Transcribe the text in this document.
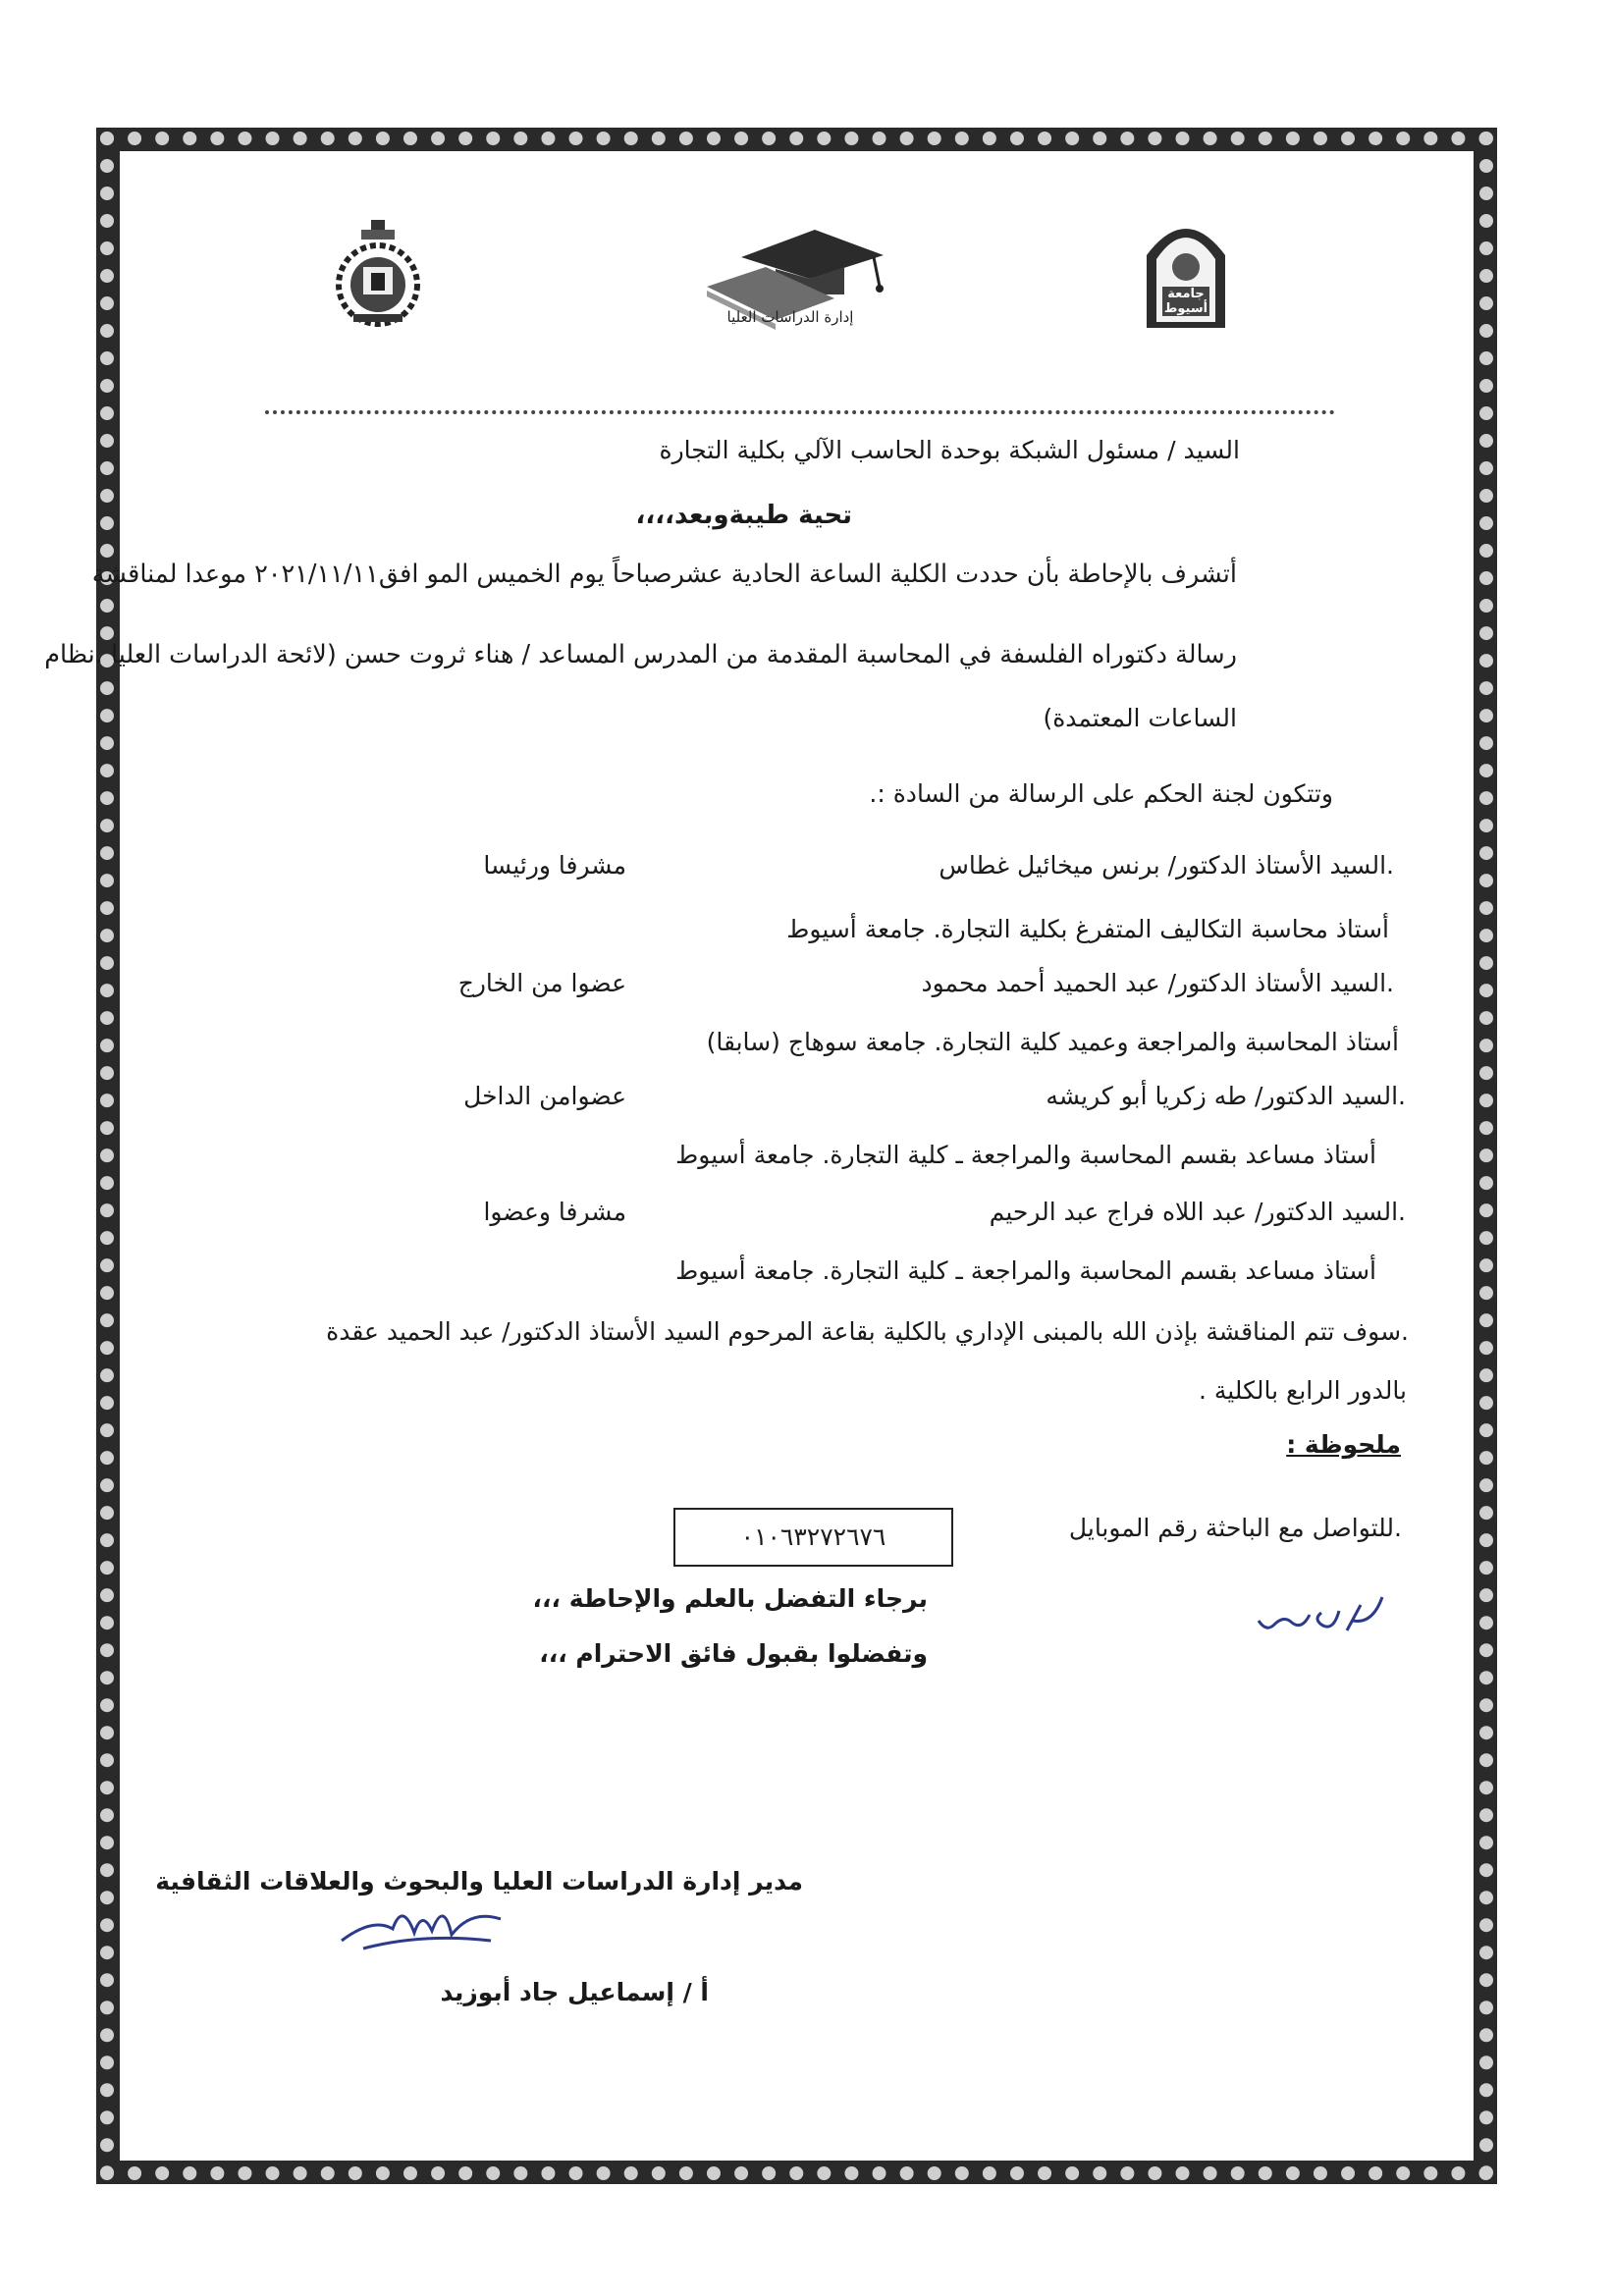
إدارة الدراسات العليا
جامعة أسيوط
السيد / مسئول الشبكة بوحدة الحاسب الآلي بكلية التجارة
تحية طيبةوبعد،،،،
أتشرف بالإحاطة بأن حددت الكلية الساعة الحادية عشرصباحاً يوم الخميس المو افق٢٠٢١/١١/١١ موعدا لمناقشة
رسالة دكتوراه الفلسفة في المحاسبة المقدمة من المدرس المساعد / هناء ثروت حسن (لائحة الدراسات العليا .نظام
الساعات المعتمدة)
وتتكون لجنة الحكم على الرسالة من السادة :.
.السيد الأستاذ الدكتور/ برنس ميخائيل غطاس
مشرفا ورئيسا
أستاذ محاسبة التكاليف المتفرغ بكلية التجارة. جامعة أسيوط
.السيد الأستاذ الدكتور/ عبد الحميد أحمد محمود
عضوا من الخارج
أستاذ المحاسبة والمراجعة وعميد كلية التجارة. جامعة سوهاج (سابقا)
.السيد الدكتور/ طه زكريا أبو كريشه
عضوامن الداخل
أستاذ مساعد بقسم المحاسبة والمراجعة ـ كلية التجارة. جامعة أسيوط
.السيد الدكتور/ عبد اللاه فراج عبد الرحيم
مشرفا وعضوا
أستاذ مساعد بقسم المحاسبة والمراجعة ـ كلية التجارة. جامعة أسيوط
.سوف تتم المناقشة بإذن الله بالمبنى الإداري بالكلية بقاعة المرحوم السيد الأستاذ الدكتور/ عبد الحميد عقدة
بالدور الرابع بالكلية .
ملحوظة :
.للتواصل مع الباحثة رقم الموبايل
٠١٠٦٣٢٧٢٦٧٦
برجاء التفضل بالعلم والإحاطة ،،،
وتفضلوا بقبول فائق الاحترام ،،،
مدير إدارة الدراسات العليا والبحوث والعلاقات الثقافية
أ / إسماعيل جاد أبوزيد
